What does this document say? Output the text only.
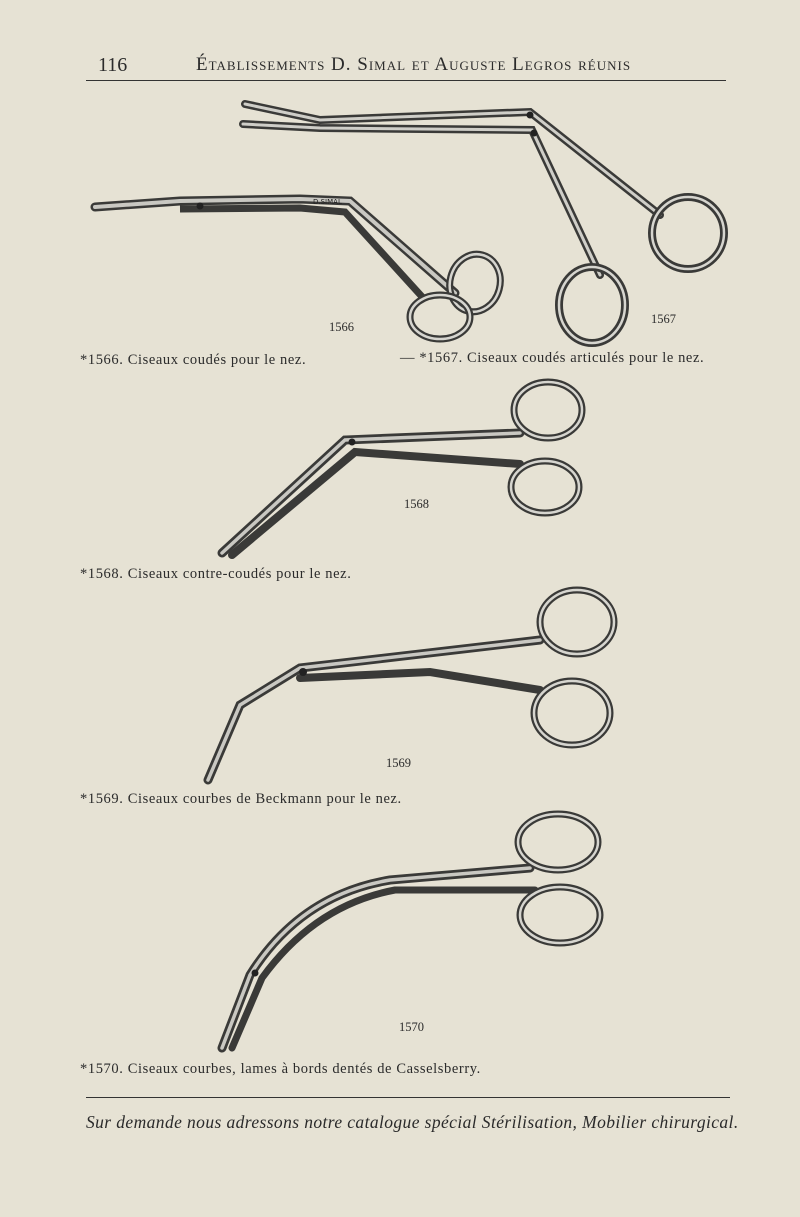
116	Établissements D. Simal et Auguste Legros réunis
D.SIMAL
1566
1567
1568
1569
1570
*1566. Ciseaux coudés pour le nez.	— *1567. Ciseaux coudés articulés pour le nez.
*1568. Ciseaux contre-coudés pour le nez.
*1569. Ciseaux courbes de Beckmann pour le nez.
*1570. Ciseaux courbes, lames à bords dentés de Casselsberry.
Sur demande nous adressons notre catalogue spécial Stérilisation, Mobilier chirurgical.
